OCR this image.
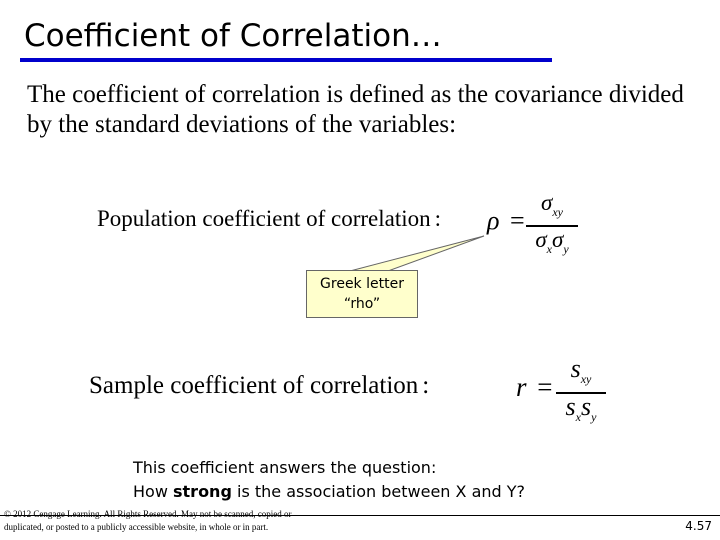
Coefficient of Correlation…

The coefficient of correlation is defined as the covariance divided by the standard deviations of the variables:

Population coefficient of correlation : ρ =
$\sigma_{xy}$
$\sigma_x\sigma_y$
Greek letter
“rho”
Sample coefficient of correlation :	r =
$s_{xy}$
$s_xs_y$
This coefficient answers the question:
How strong is the association between X and Y?
© 2012 Cengage Learning. All Rights Reserved. May not be scanned, copied or
duplicated, or posted to a publicly accessible website, in whole or in part.	4.57
